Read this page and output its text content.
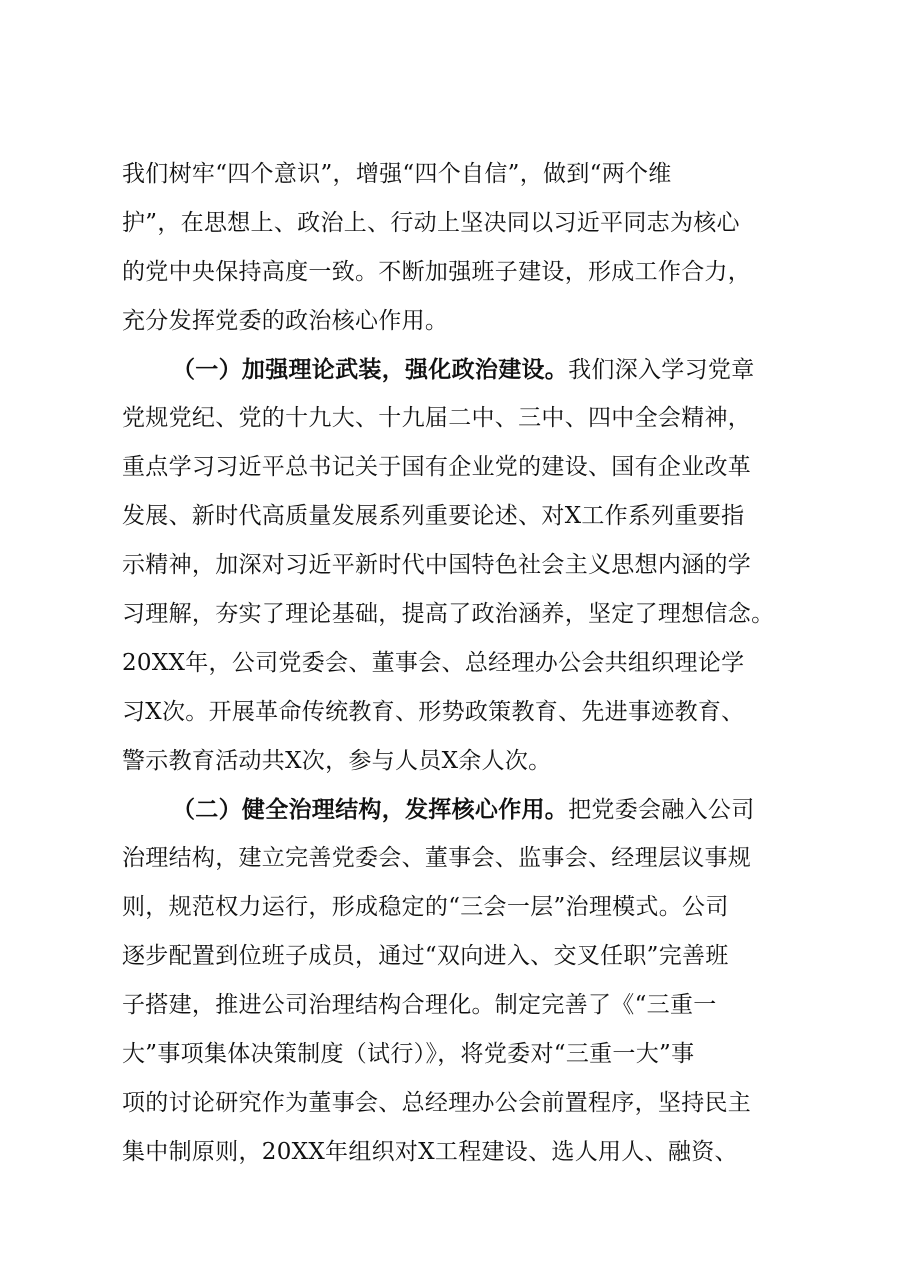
我们树牢“四个意识”，增强“四个自信”，做到“两个维
护”，在思想上、政治上、行动上坚决同以习近平同志为核心
的党中央保持高度一致。不断加强班子建设，形成工作合力，
充分发挥党委的政治核心作用。
（一）加强理论武装，强化政治建设。我们深入学习党章
党规党纪、党的十九大、十九届二中、三中、四中全会精神，
重点学习习近平总书记关于国有企业党的建设、国有企业改革
发展、新时代高质量发展系列重要论述、对X工作系列重要指
示精神，加深对习近平新时代中国特色社会主义思想内涵的学
习理解，夯实了理论基础，提高了政治涵养，坚定了理想信念。
20XX年，公司党委会、董事会、总经理办公会共组织理论学
习X次。开展革命传统教育、形势政策教育、先进事迹教育、
警示教育活动共X次，参与人员X余人次。
（二）健全治理结构，发挥核心作用。把党委会融入公司
治理结构，建立完善党委会、董事会、监事会、经理层议事规
则，规范权力运行，形成稳定的“三会一层”治理模式。公司
逐步配置到位班子成员，通过“双向进入、交叉任职”完善班
子搭建，推进公司治理结构合理化。制定完善了《“三重一
大”事项集体决策制度（试行）》，将党委对“三重一大”事
项的讨论研究作为董事会、总经理办公会前置程序，坚持民主
集中制原则，20XX年组织对X工程建设、选人用人、融资、
